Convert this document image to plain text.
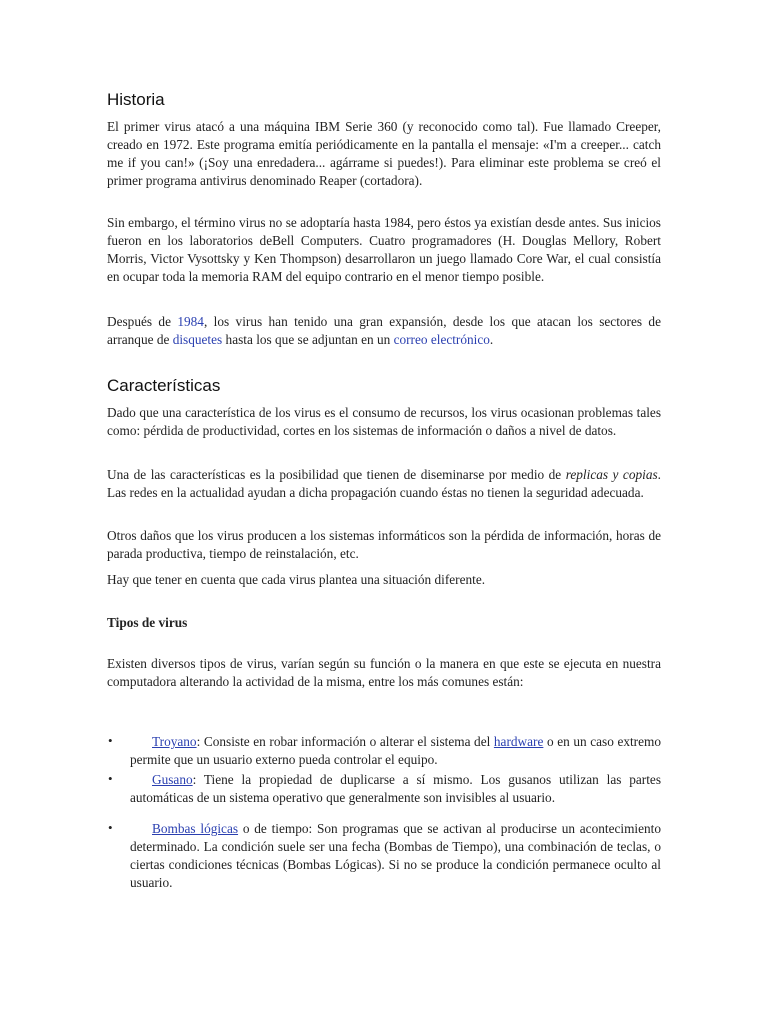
Historia

El primer virus atacó a una máquina IBM Serie 360 (y reconocido como tal). Fue llamado Creeper, creado en 1972. Este programa emitía periódicamente en la pantalla el mensaje: «I'm a creeper... catch me if you can!» (¡Soy una enredadera... agárrame si puedes!). Para eliminar este problema se creó el primer programa antivirus denominado Reaper (cortadora).

Sin embargo, el término virus no se adoptaría hasta 1984, pero éstos ya existían desde antes. Sus inicios fueron en los laboratorios deBell Computers. Cuatro programadores (H. Douglas Mellory, Robert Morris, Victor Vysottsky y Ken Thompson) desarrollaron un juego llamado Core War, el cual consistía en ocupar toda la memoria RAM del equipo contrario en el menor tiempo posible.

Después de 1984, los virus han tenido una gran expansión, desde los que atacan los sectores de arranque de disquetes hasta los que se adjuntan en un correo electrónico.

Características

Dado que una característica de los virus es el consumo de recursos, los virus ocasionan problemas tales como: pérdida de productividad, cortes en los sistemas de información o daños a nivel de datos.

Una de las características es la posibilidad que tienen de diseminarse por medio de replicas y copias. Las redes en la actualidad ayudan a dicha propagación cuando éstas no tienen la seguridad adecuada.

Otros daños que los virus producen a los sistemas informáticos son la pérdida de información, horas de parada productiva, tiempo de reinstalación, etc.

Hay que tener en cuenta que cada virus plantea una situación diferente.

Tipos de virus

Existen diversos tipos de virus, varían según su función o la manera en que este se ejecuta en nuestra computadora alterando la actividad de la misma, entre los más comunes están:

•	Troyano: Consiste en robar información o alterar el sistema del hardware o en un caso extremo permite que un usuario externo pueda controlar el equipo.
•	Gusano: Tiene la propiedad de duplicarse a sí mismo. Los gusanos utilizan las partes automáticas de un sistema operativo que generalmente son invisibles al usuario.
•	Bombas lógicas o de tiempo: Son programas que se activan al producirse un acontecimiento determinado. La condición suele ser una fecha (Bombas de Tiempo), una combinación de teclas, o ciertas condiciones técnicas (Bombas Lógicas). Si no se produce la condición permanece oculto al usuario.
